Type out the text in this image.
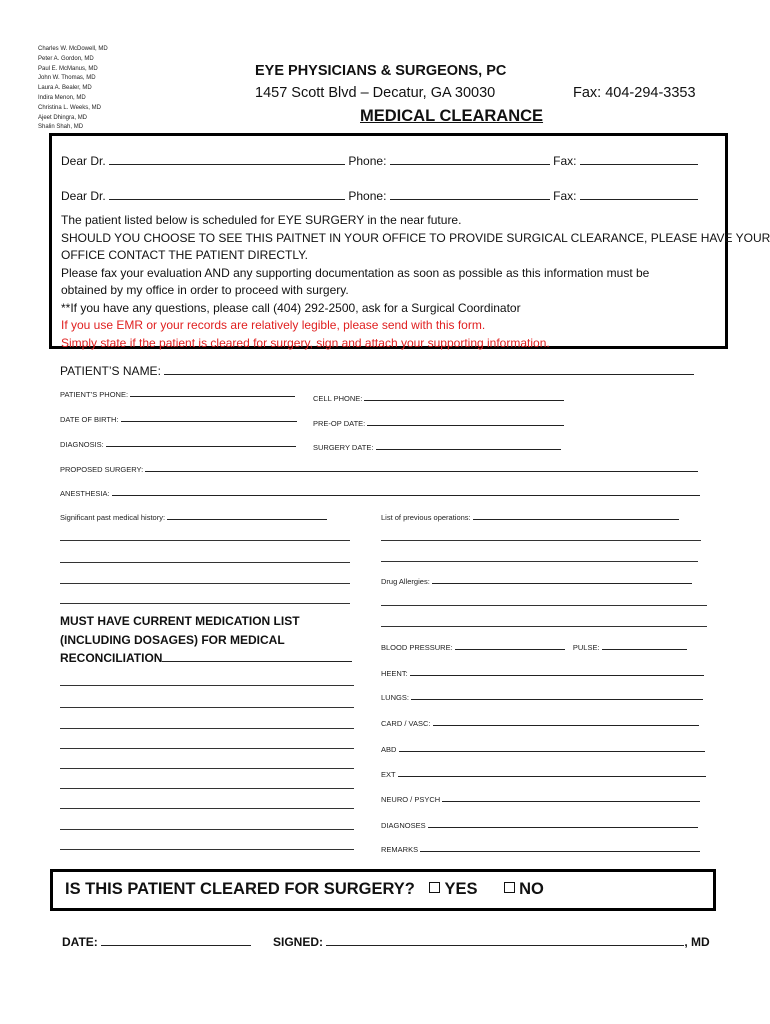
Charles W. McDowell, MD
Peter A. Gordon, MD
Paul E. McManus, MD
John W. Thomas, MD
Laura A. Bealer, MD
Indira Menon, MD
Christina L. Weeks, MD
Ajeet Dhingra, MD
Shalin Shah, MD
EYE PHYSICIANS & SURGEONS, PC
1457 Scott Blvd – Decatur, GA 30030	Fax: 404-294-3353
MEDICAL CLEARANCE
Dear Dr.	Phone:	Fax:
Dear Dr.	Phone:	Fax:
The patient listed below is scheduled for EYE SURGERY in the near future.
SHOULD YOU CHOOSE TO SEE THIS PAITNET IN YOUR OFFICE TO PROVIDE SURGICAL CLEARANCE, PLEASE HAVE YOUR
OFFICE CONTACT THE PATIENT DIRECTLY.
Please fax your evaluation AND any supporting documentation as soon as possible as this information must be
obtained by my office in order to proceed with surgery.
**If you have any questions, please call (404) 292-2500, ask for a Surgical Coordinator
If you use EMR or your records are relatively legible, please send with this form.
Simply state if the patient is cleared for surgery, sign and attach your supporting information.
PATIENT’S NAME:
PATIENT’S PHONE:	CELL PHONE:
DATE OF BIRTH:	PRE-OP DATE:
DIAGNOSIS:	SURGERY DATE:
PROPOSED SURGERY:
ANESTHESIA:
Significant past medical history:	List of previous operations:
Drug Allergies:
MUST HAVE CURRENT MEDICATION LIST
(INCLUDING DOSAGES) FOR MEDICAL
RECONCILIATION
BLOOD PRESSURE:	PULSE:
HEENT:
LUNGS:
CARD / VASC:
ABD
EXT
NEURO / PSYCH
DIAGNOSES
REMARKS
IS THIS PATIENT CLEARED FOR SURGERY? YES	NO
DATE:	SIGNED:	, MD
